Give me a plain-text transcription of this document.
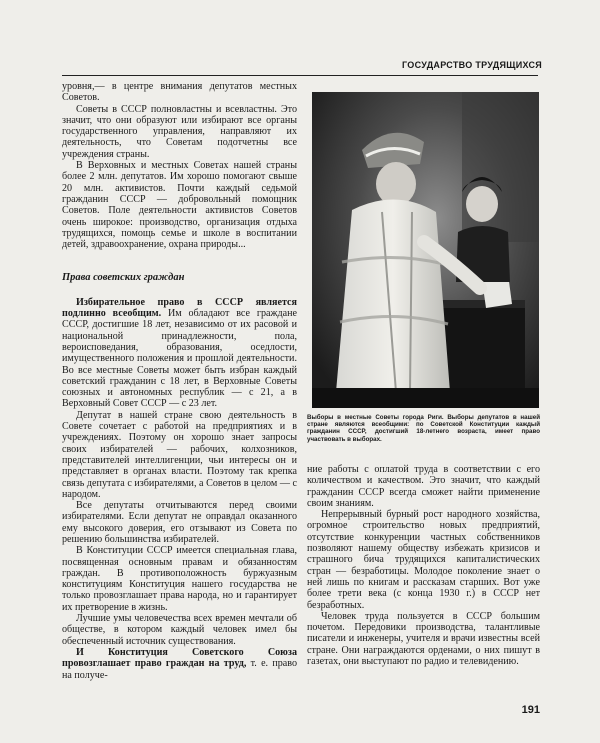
ГОСУДАРСТВО ТРУДЯЩИХСЯ

уровня,— в центре внимания депутатов местных Советов.

Советы в СССР полновластны и всевластны. Это значит, что они образуют или избирают все органы государственного управления, направляют их деятельность, что Советам подотчетны все учреждения страны.

В Верховных и местных Советах нашей страны более 2 млн. депутатов. Им хорошо помогают свыше 20 млн. активистов. Почти каждый седьмой гражданин СССР — добровольный помощник Советов. Поле деятельности активистов Советов очень широкое: производство, организация отдыха трудящихся, помощь семье и школе в воспитании детей, здравоохранение, охрана природы...

Права советских граждан

Избирательное право в СССР является подлинно всеобщим. Им обладают все граждане СССР, достигшие 18 лет, независимо от их расовой и национальной принадлежности, пола, вероисповедания, образования, оседлости, имущественного положения и прошлой деятельности. Во все местные Советы может быть избран каждый советский гражданин с 18 лет, в Верховные Советы союзных и автономных республик — с 21, а в Верховный Совет СССР — с 23 лет.

Депутат в нашей стране свою деятельность в Совете сочетает с работой на предприятиях и в учреждениях. Поэтому он хорошо знает запросы своих избирателей — рабочих, колхозников, представителей интеллигенции, чьи интересы он и представляет в органах власти. Поэтому так крепка связь депутата с избирателями, а Советов в целом — с народом.

Все депутаты отчитываются перед своими избирателями. Если депутат не оправдал оказанного ему высокого доверия, его отзывают из Совета по решению большинства избирателей.

В Конституции СССР имеется специальная глава, посвященная основным правам и обязанностям граждан. В противоположность буржуазным конституциям Конституция нашего государства не только провозглашает права народа, но и гарантирует их претворение в жизнь.

Лучшие умы человечества всех времен мечтали об обществе, в котором каждый человек имел бы обеспеченный источник существования.

И Конституция Советского Союза провозглашает право граждан на труд, т. е. право на получе-

Выборы в местные Советы города Риги. Выборы депутатов в нашей стране являются всеобщими: по Советской Конституции каждый гражданин СССР, достигший 18-летнего возраста, имеет право участвовать в выборах.

ние работы с оплатой труда в соответствии с его количеством и качеством. Это значит, что каждый гражданин СССР всегда сможет найти применение своим знаниям.

Непрерывный бурный рост народного хозяйства, огромное строительство новых предприятий, отсутствие конкуренции частных собственников позволяют нашему обществу избежать кризисов и страшного бича трудящихся капиталистических стран — безработицы. Молодое поколение знает о ней лишь по книгам и рассказам старших. Вот уже более трети века (с конца 1930 г.) в СССР нет безработных.

Человек труда пользуется в СССР большим почетом. Передовики производства, талантливые писатели и инженеры, учителя и врачи известны всей стране. Они награждаются орденами, о них пишут в газетах, они выступают по радио и телевидению.

191
